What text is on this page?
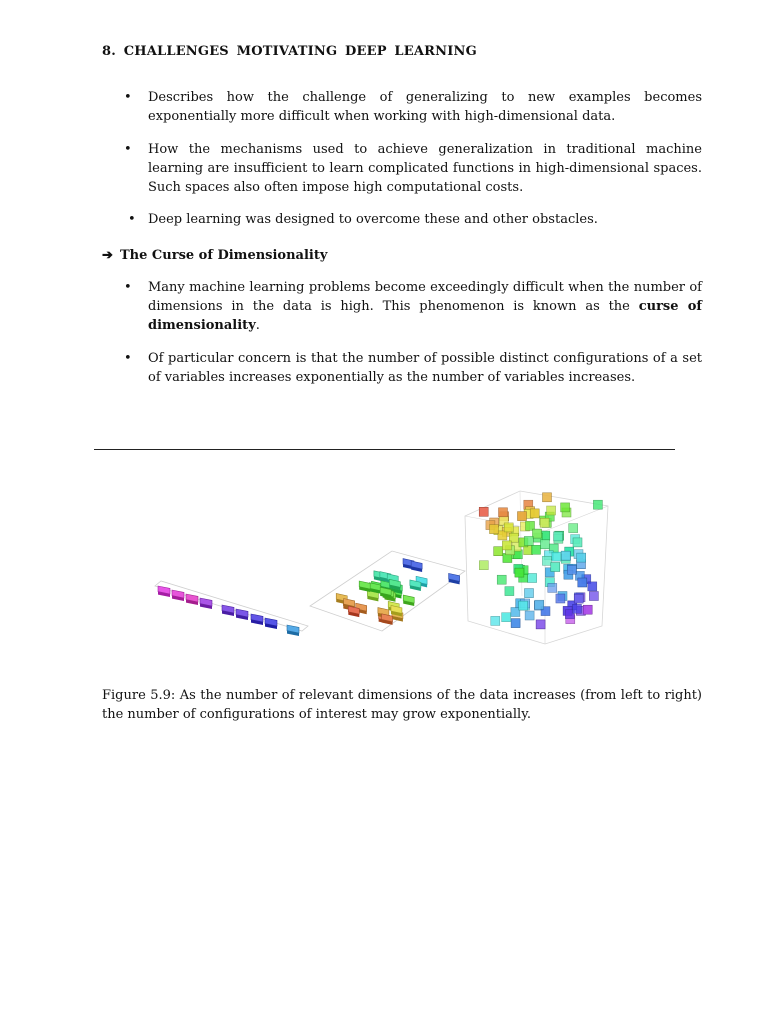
8. CHALLENGES MOTIVATING DEEP LEARNING
• Describes how the challenge of generalizing to new examples becomes exponentially more difficult when working with high-dimensional data.
• How the mechanisms used to achieve generalization in traditional machine learning are insufficient to learn complicated functions in high-dimensional spaces. Such spaces also often impose high computational costs.
• Deep learning was designed to overcome these and other obstacles.
➔ The Curse of Dimensionality
• Many machine learning problems become exceedingly difficult when the number of dimensions in the data is high. This phenomenon is known as the curse of dimensionality.
• Of particular concern is that the number of possible distinct configurations of a set of variables increases exponentially as the number of variables increases.
Figure 5.9: As the number of relevant dimensions of the data increases (from left to right) the number of configurations of interest may grow exponentially.
